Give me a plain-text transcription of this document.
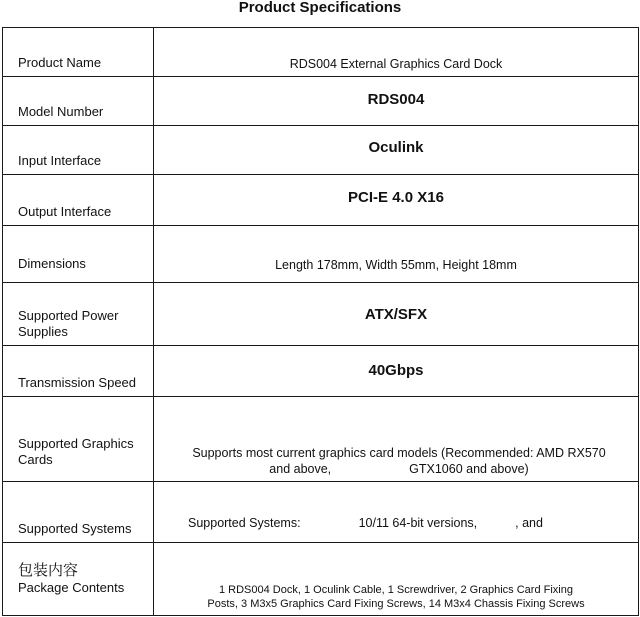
Product Specifications
Product Name	RDS004 External Graphics Card Dock

Model Number	RDS004

Input Interface	Oculink

Output Interface	PCI-E 4.0 X16

Dimensions	Length 178mm, Width 55mm, Height 18mm

Supported Power Supplies	ATX/SFX

Transmission Speed	40Gbps

Supported Graphics Cards	Supports most current graphics card models (Recommended: AMD RX570
and above, GTX1060 and above)

Supported Systems	Supported Systems: 10/11 64-bit versions, , and

包装内容
Package Contents	1 RDS004 Dock, 1 Oculink Cable, 1 Screwdriver, 2 Graphics Card Fixing
Posts, 3 M3x5 Graphics Card Fixing Screws, 14 M3x4 Chassis Fixing Screws
